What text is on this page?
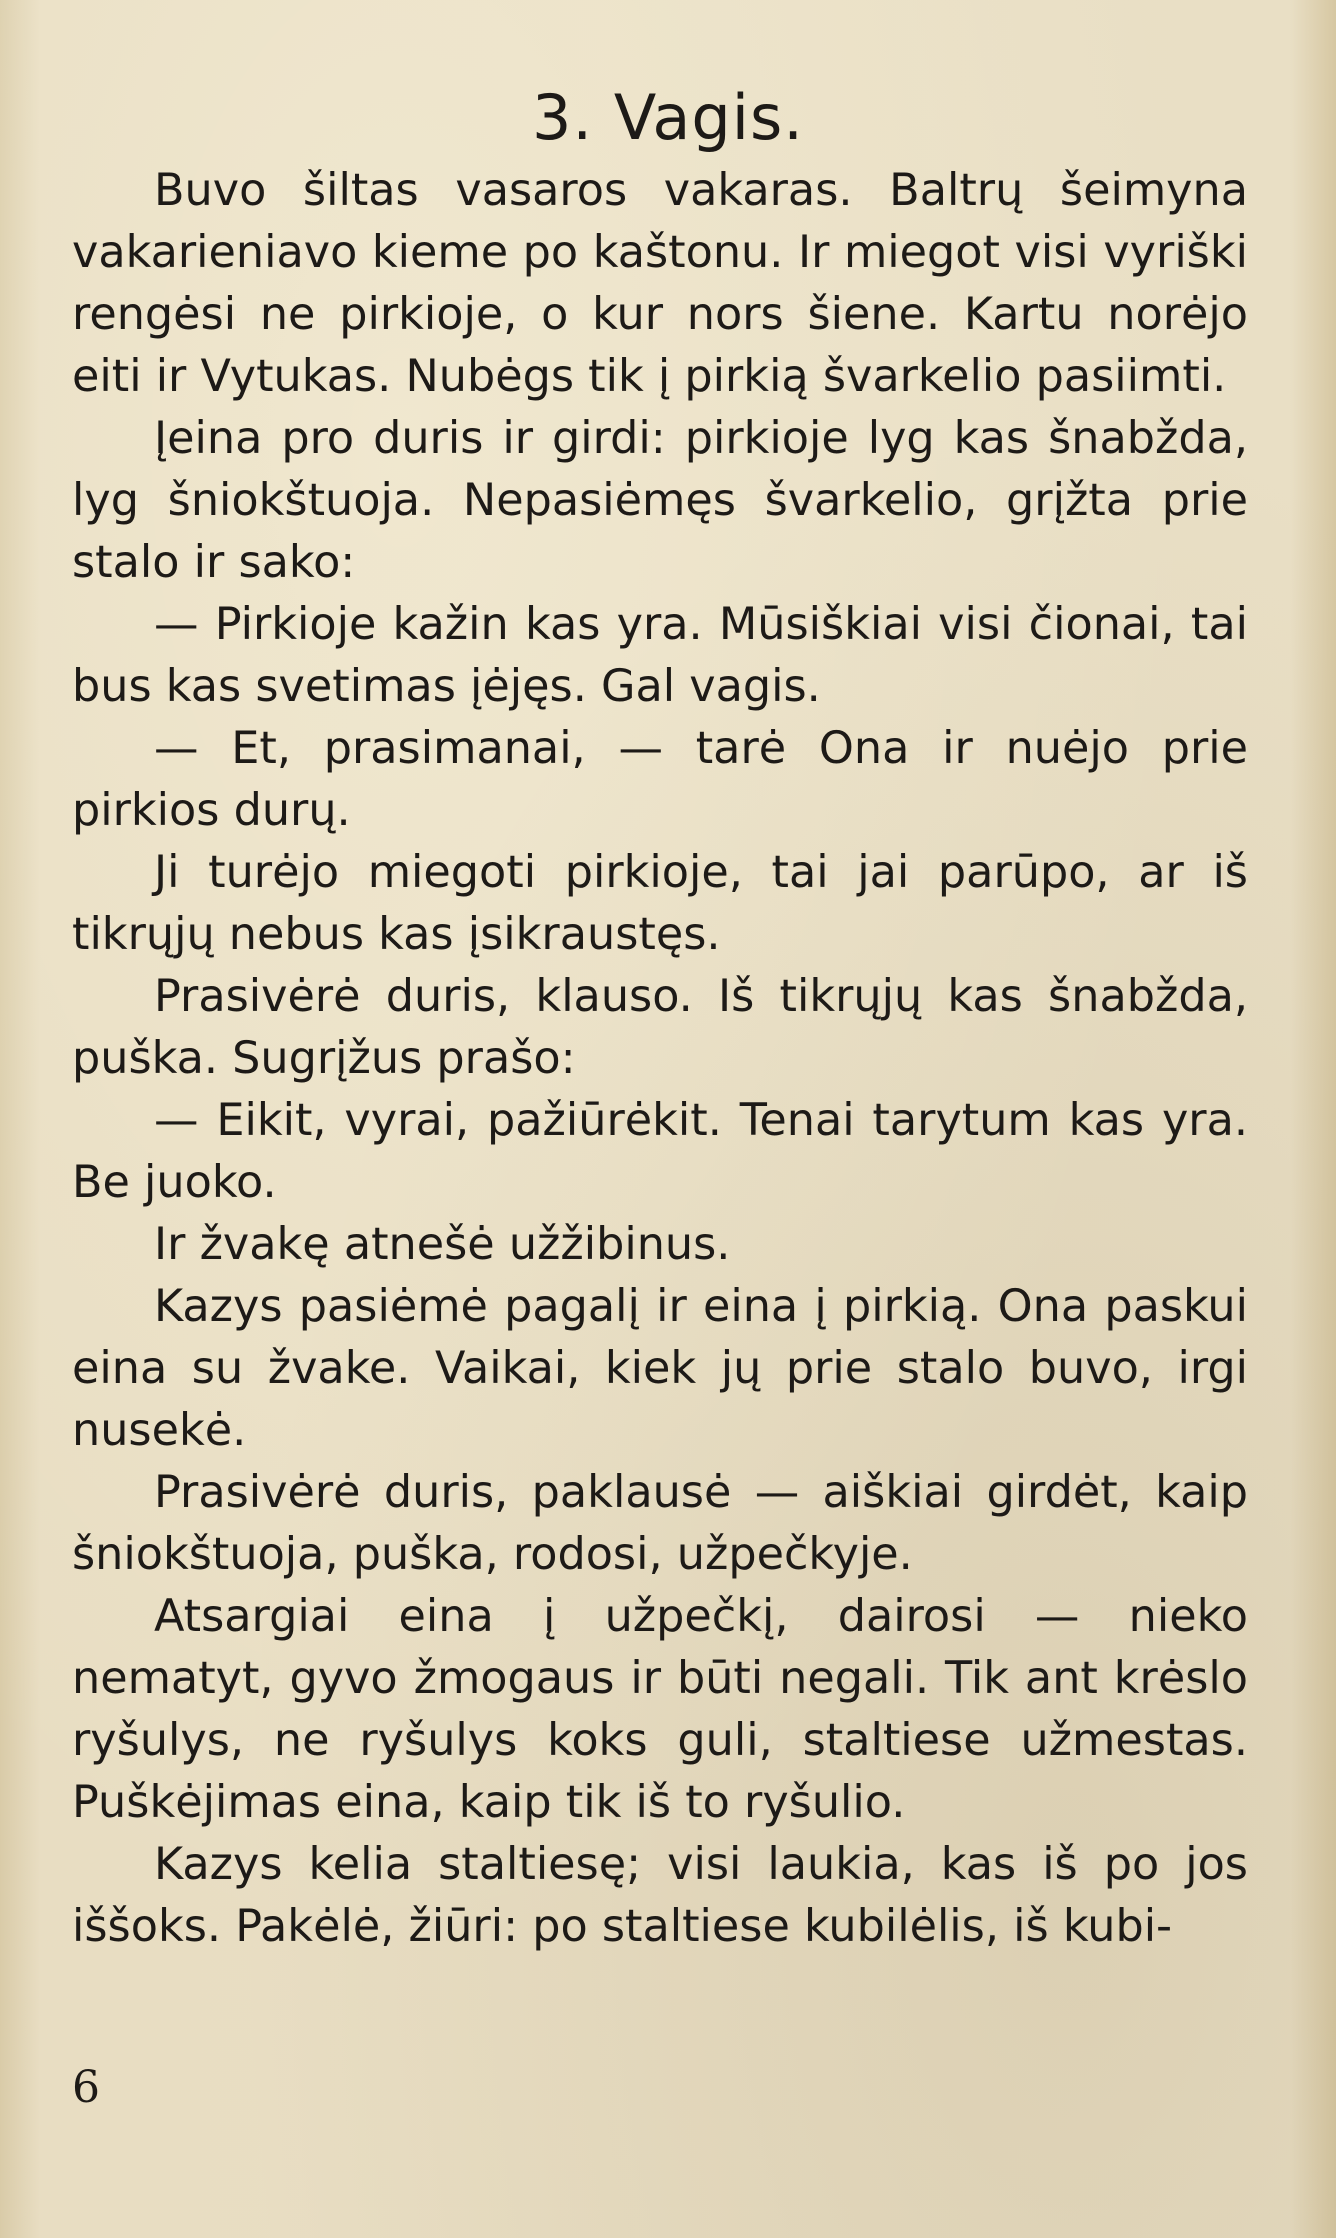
3. Vagis.

Buvo šiltas vasaros vakaras. Baltrų šeimyna vakarieniavo kieme po kaštonu. Ir miegot visi vyriški rengėsi ne pirkioje, o kur nors šiene. Kartu norėjo eiti ir Vytukas. Nubėgs tik į pirkią švarkelio pasiimti.

Įeina pro duris ir girdi: pirkioje lyg kas šnabžda, lyg šniokštuoja. Nepasiėmęs švarkelio, grįžta prie stalo ir sako:

— Pirkioje kažin kas yra. Mūsiškiai visi čionai, tai bus kas svetimas įėjęs. Gal vagis.

— Et, prasimanai, — tarė Ona ir nuėjo prie pirkios durų.

Ji turėjo miegoti pirkioje, tai jai parūpo, ar iš tikrųjų nebus kas įsikraustęs.

Prasivėrė duris, klauso. Iš tikrųjų kas šnabžda, puška. Sugrįžus prašo:

— Eikit, vyrai, pažiūrėkit. Tenai tarytum kas yra. Be juoko.

Ir žvakę atnešė užžibinus.

Kazys pasiėmė pagalį ir eina į pirkią. Ona paskui eina su žvake. Vaikai, kiek jų prie stalo buvo, irgi nusekė.

Prasivėrė duris, paklausė — aiškiai girdėt, kaip šniokštuoja, puška, rodosi, užpečkyje.

Atsargiai eina į užpečkį, dairosi — nieko nematyt, gyvo žmogaus ir būti negali. Tik ant krėslo ryšulys, ne ryšulys koks guli, staltiese užmestas. Puškėjimas eina, kaip tik iš to ryšulio.

Kazys kelia staltiesę; visi laukia, kas iš po jos iššoks. Pakėlė, žiūri: po staltiese kubilėlis, iš kubi-

6
